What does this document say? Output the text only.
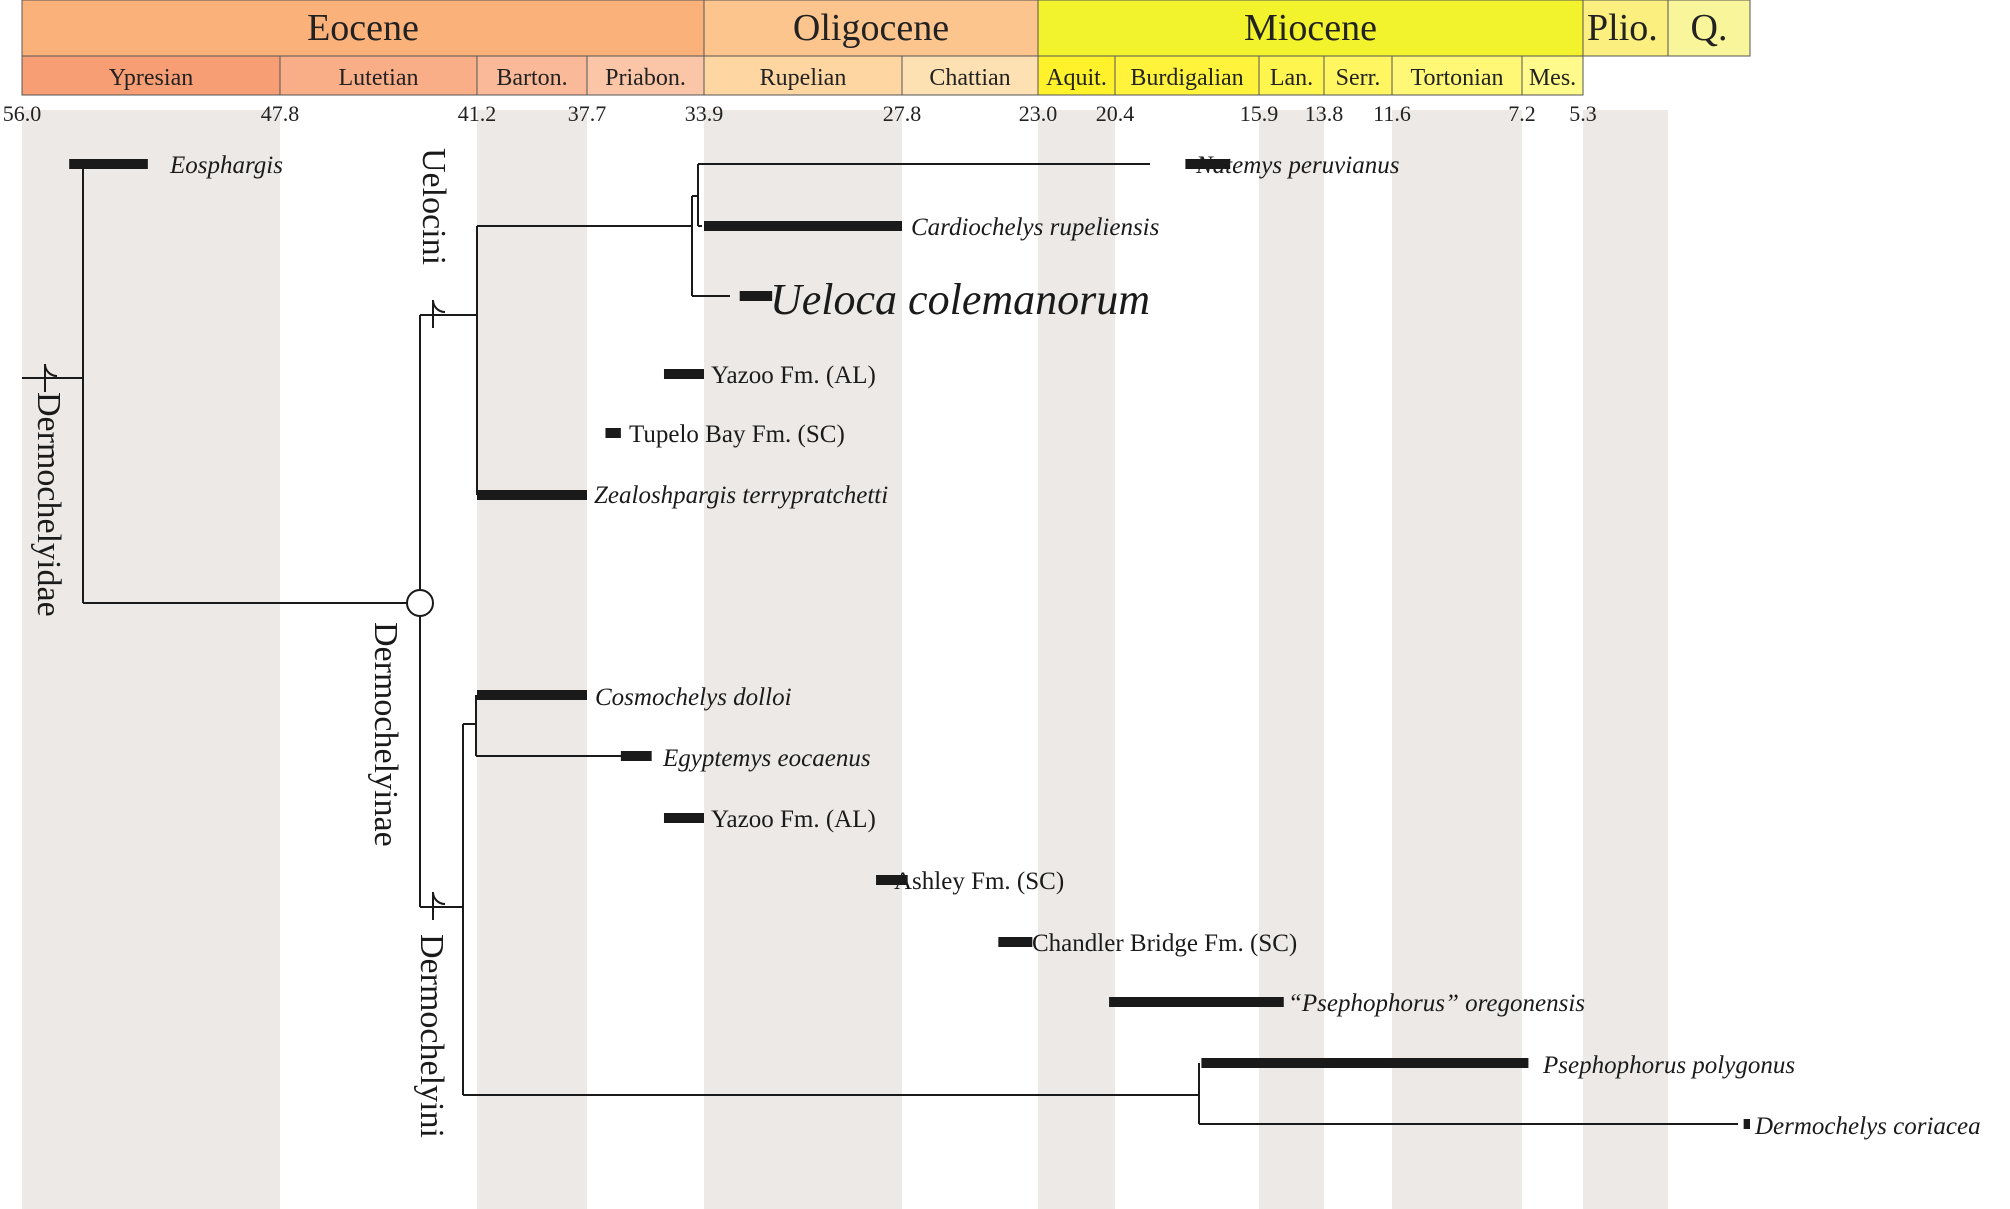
Eocene	Oligocene	Miocene	Plio. Q.
Ypresian	Lutetian	Barton. Priabon.	Rupelian	Chattian Aquit. Burdigalian Lan. Serr. Tortonian Mes.
56.0	47.8	41.2	37.7	33.9	27.8	23.0 20.4	15.9 13.8 11.6	7.2 5.3
Eosphargis	Natemys peruvianus
Cardiochelys rupeliensis
Ueloca colemanorum
Yazoo Fm. (AL)
Tupelo Bay Fm. (SC)
Zealoshpargis terrypratchetti
Cosmochelys dolloi
Egyptemys eocaenus
Yazoo Fm. (AL)
Ashley Fm. (SC)
Chandler Bridge Fm. (SC)
“Psephophorus” oregonensis
Psephophorus polygonus
Dermochelys coriacea
Dermochelyidae
Dermochelyinae
Uelocini
Dermochelyini
